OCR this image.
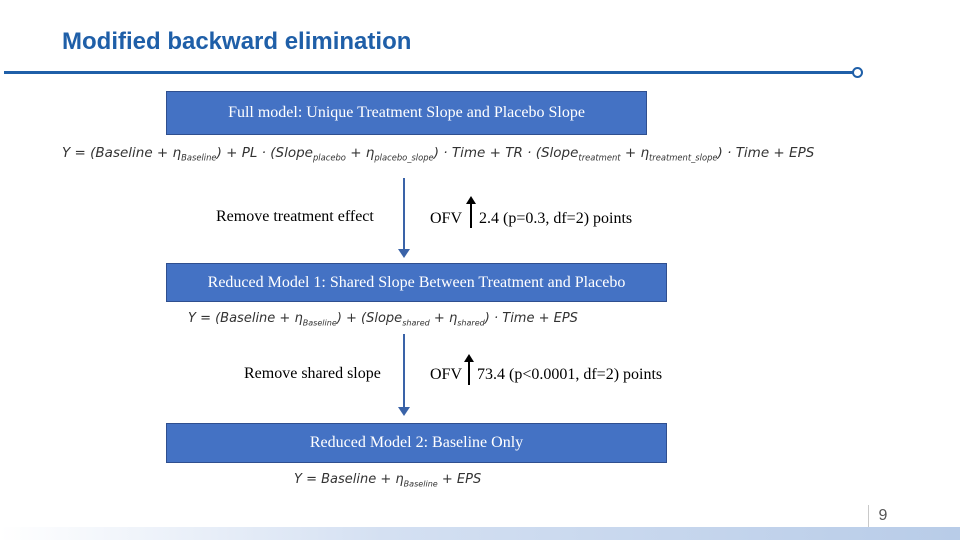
Modified backward elimination
Full model: Unique Treatment Slope and Placebo Slope
Y = (Baseline + $\eta_{Baseline}$) + PL · (Slope$_{placebo}$ + $\eta_{placebo\_slope}$) · Time + TR · (Slope$_{treatment}$ + $\eta_{treatment\_slope}$) · Time + EPS
Remove treatment effect	OFV 2.4 (p=0.3, df=2) points
Reduced Model 1: Shared Slope Between Treatment and Placebo
Y = (Baseline + $\eta_{Baseline}$) + (Slope$_{shared}$ + $\eta_{shared}$) · Time + EPS
Remove shared slope	OFV 73.4 (p<0.0001, df=2) points
Reduced Model 2: Baseline Only
Y = Baseline + $\eta_{Baseline}$ + EPS
9
